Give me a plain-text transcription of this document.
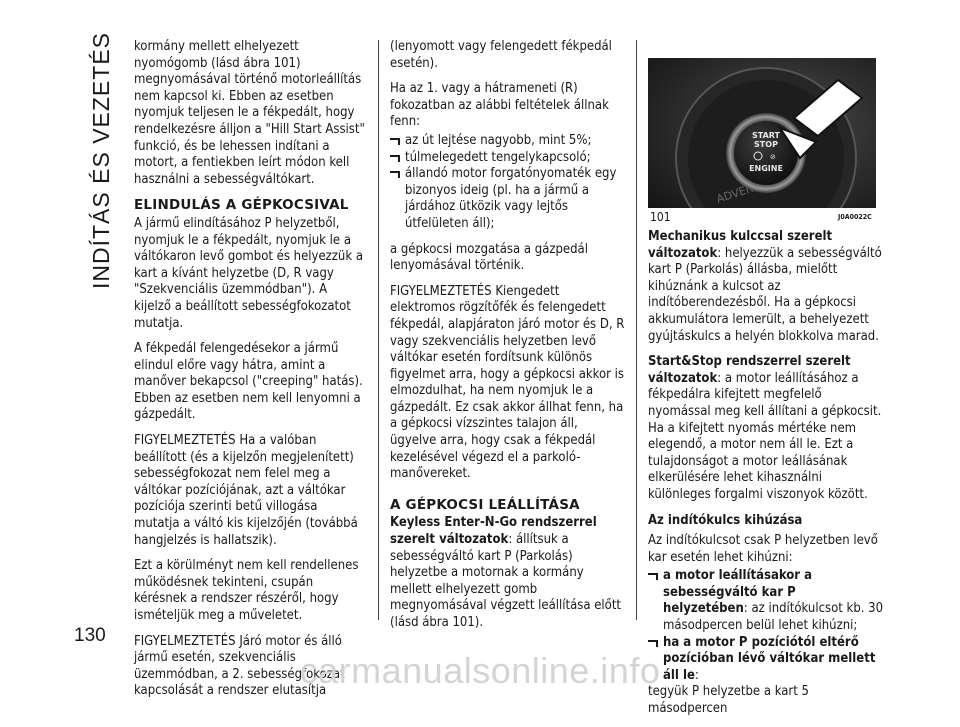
INDÍTÁS ÉS VEZETÉS
130

kormány mellett elhelyezett nyomógomb (lásd ábra 101) megnyomásával történő motorleállítás nem kapcsol ki. Ebben az esetben nyomjuk teljesen le a fékpedált, hogy rendelkezésre álljon a "Hill Start Assist" funkció, és be lehessen indítani a motort, a fentiekben leírt módon kell használni a sebességváltókart.

ELINDULÁS A GÉPKOCSIVAL

A jármű elindításához P helyzetből, nyomjuk le a fékpedált, nyomjuk le a váltókaron levő gombot és helyezzük a kart a kívánt helyzetbe (D, R vagy "Szekvenciális üzemmódban"). A kijelző a beállított sebességfokozatot mutatja.

A fékpedál felengedésekor a jármű elindul előre vagy hátra, amint a manőver bekapcsol ("creeping" hatás). Ebben az esetben nem kell lenyomni a gázpedált.

FIGYELMEZTETÉS Ha a valóban beállított (és a kijelzőn megjelenített) sebességfokozat nem felel meg a váltókar pozíciójának, azt a váltókar pozíciója szerinti betű villogása mutatja a váltó kis kijelzőjén (továbbá hangjelzés is hallatszik).

Ezt a körülményt nem kell rendellenes működésnek tekinteni, csupán kérésnek a rendszer részéről, hogy ismételjük meg a műveletet.

FIGYELMEZTETÉS Járó motor és álló jármű esetén, szekvenciális üzemmódban, a 2. sebességfokozat kapcsolását a rendszer elutasítja

(lenyomott vagy felengedett fékpedál esetén).

Ha az 1. vagy a hátrameneti (R) fokozatban az alábbi feltételek állnak fenn:

az út lejtése nagyobb, mint 5%;
túlmelegedett tengelykapcsoló;
állandó motor forgatónyomaték egy bizonyos ideig (pl. ha a jármű a járdához ütközik vagy lejtős útfelületen áll);

a gépkocsi mozgatása a gázpedál lenyomásával történik.

FIGYELMEZTETÉS Kiengedett elektromos rögzítőfék és felengedett fékpedál, alapjáraton járó motor és D, R vagy szekvenciális helyzetben levő váltókar esetén fordítsunk különös figyelmet arra, hogy a gépkocsi akkor is elmozdulhat, ha nem nyomjuk le a gázpedált. Ez csak akkor állhat fenn, ha a gépkocsi vízszintes talajon áll, ügyelve arra, hogy csak a fékpedál kezelésével végezd el a parkoló-manővereket.

A GÉPKOCSI LEÁLLÍTÁSA

Keyless Enter-N-Go rendszerrel szerelt változatok: állítsuk a sebességváltó kart P (Parkolás) helyzetbe a motornak a kormány mellett elhelyezett gomb megnyomásával végzett leállítása előtt (lásd ábra 101).

START
STOP
⊘
ENGINE
101	J0A0022C

Mechanikus kulccsal szerelt változatok: helyezzük a sebességváltó kart P (Parkolás) állásba, mielőtt kihúznánk a kulcsot az indítóberendezésből. Ha a gépkocsi akkumulátora lemerült, a behelyezett gyújtáskulcs a helyén blokkolva marad.

Start&Stop rendszerrel szerelt változatok: a motor leállításához a fékpedálra kifejtett megfelelő nyomással meg kell állítani a gépkocsit. Ha a kifejtett nyomás mértéke nem elegendő, a motor nem áll le. Ezt a tulajdonságot a motor leállásának elkerülésére lehet kihasználni különleges forgalmi viszonyok között.

Az indítókulcs kihúzása

Az indítókulcsot csak P helyzetben levő kar esetén lehet kihúzni:

a motor leállításakor a sebességváltó kar P helyzetében: az indítókulcsot kb. 30 másodpercen belül lehet kihúzni;
ha a motor P pozíciótól eltérő pozícióban lévő váltókar mellett áll le:

tegyük P helyzetbe a kart 5 másodpercen

carmanualsonline.info
